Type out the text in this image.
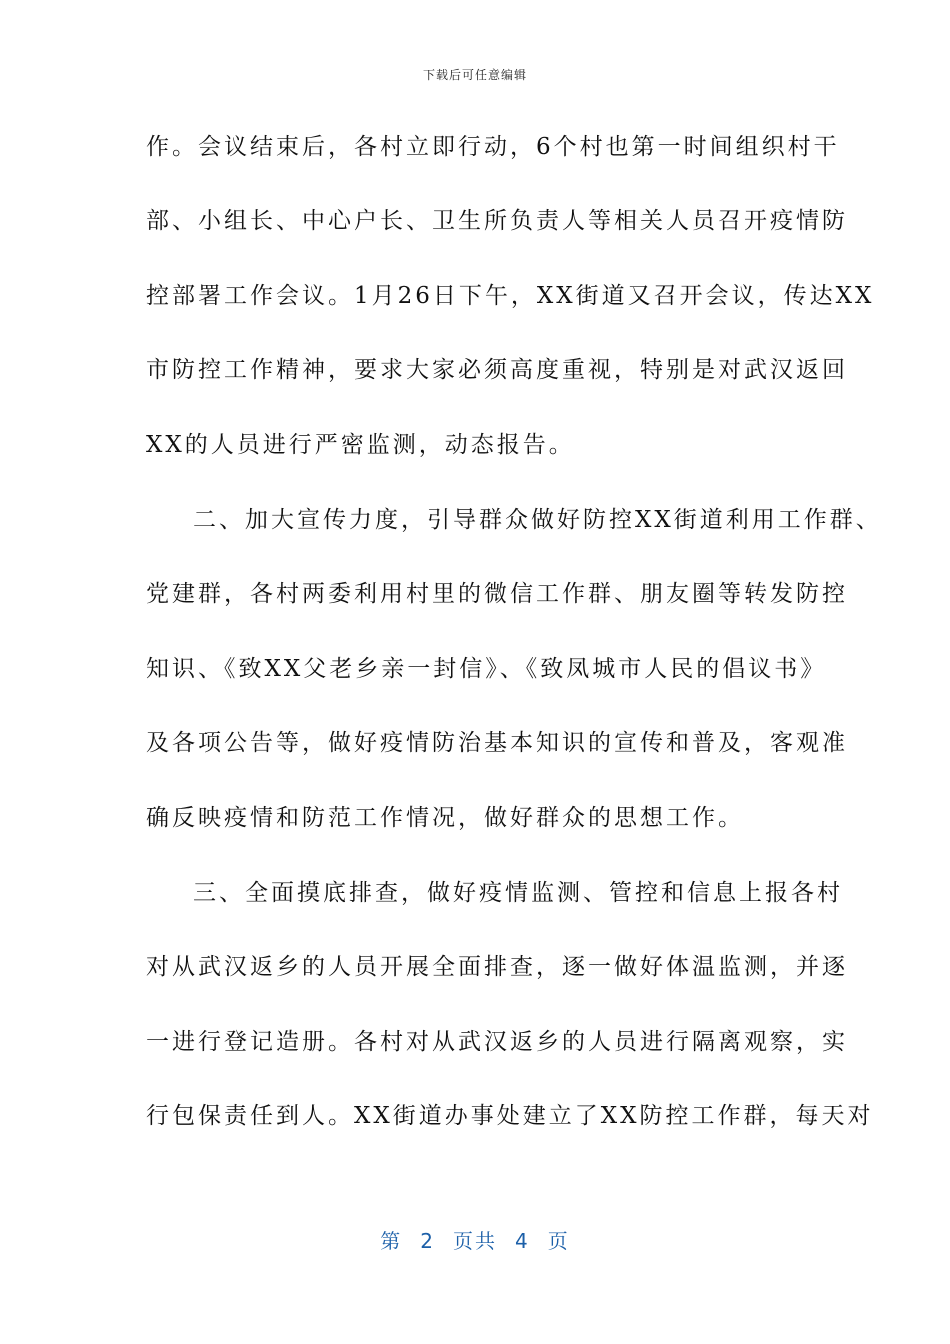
下载后可任意编辑
作。会议结束后，各村立即行动，6个村也第一时间组织村干
部、小组长、中心户长、卫生所负责人等相关人员召开疫情防
控部署工作会议。1月26日下午，XX街道又召开会议，传达XX
市防控工作精神，要求大家必须高度重视，特别是对武汉返回
XX的人员进行严密监测，动态报告。
二、加大宣传力度，引导群众做好防控XX街道利用工作群、
党建群，各村两委利用村里的微信工作群、朋友圈等转发防控
知识、《致XX父老乡亲一封信》、《致凤城市人民的倡议书》
及各项公告等，做好疫情防治基本知识的宣传和普及，客观准
确反映疫情和防范工作情况，做好群众的思想工作。
三、全面摸底排查，做好疫情监测、管控和信息上报各村
对从武汉返乡的人员开展全面排查，逐一做好体温监测，并逐
一进行登记造册。各村对从武汉返乡的人员进行隔离观察，实
行包保责任到人。XX街道办事处建立了XX防控工作群，每天对
第 2 页共 4 页
